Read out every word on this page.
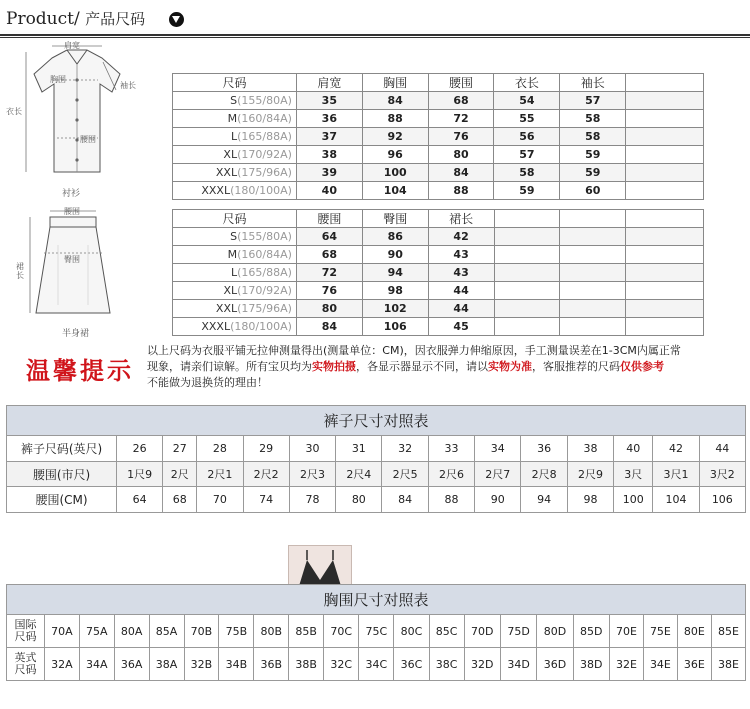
Product/ 产品尺码
肩宽
胸围
袖长
衣长
腰围
衬衫
腰围
臀围
裙长
半身裙
尺码	肩宽	胸围	腰围	衣长	袖长	
S(155/80A)	35	84	68	54	57	
M(160/84A)	36	88	72	55	58	
L(165/88A)	37	92	76	56	58	
XL(170/92A)	38	96	80	57	59	
XXL(175/96A)	39	100	84	58	59	
XXXL(180/100A)	40	104	88	59	60	
尺码	腰围	臀围	裙长			
S(155/80A)	64	86	42			
M(160/84A)	68	90	43			
L(165/88A)	72	94	43			
XL(170/92A)	76	98	44			
XXL(175/96A)	80	102	44			
XXXL(180/100A)	84	106	45			
温馨提示
以上尺码为衣服平铺无拉伸测量得出(测量单位：CM)，因衣服弹力伸缩原因，手工测量误差在1-3CM内属正常
现象，请亲们谅解。所有宝贝均为实物拍摄，各显示器显示不同，请以实物为准，客服推荐的尺码仅供参考
不能做为退换货的理由！
裤子尺寸对照表														
裤子尺码(英尺)	26	27	28	29	30	31	32	33	34	36	38	40	42	44
腰围(市尺)	1尺9	2尺	2尺1	2尺2	2尺3	2尺4	2尺5	2尺6	2尺7	2尺8	2尺9	3尺	3尺1	3尺2
腰围(CM)	64	68	70	74	78	80	84	88	90	94	98	100	104	106
胸围尺寸对照表																				
国际尺码	70A	75A	80A	85A	70B	75B	80B	85B	70C	75C	80C	85C	70D	75D	80D	85D	70E	75E	80E	85E
英式尺码	32A	34A	36A	38A	32B	34B	36B	38B	32C	34C	36C	38C	32D	34D	36D	38D	32E	34E	36E	38E
